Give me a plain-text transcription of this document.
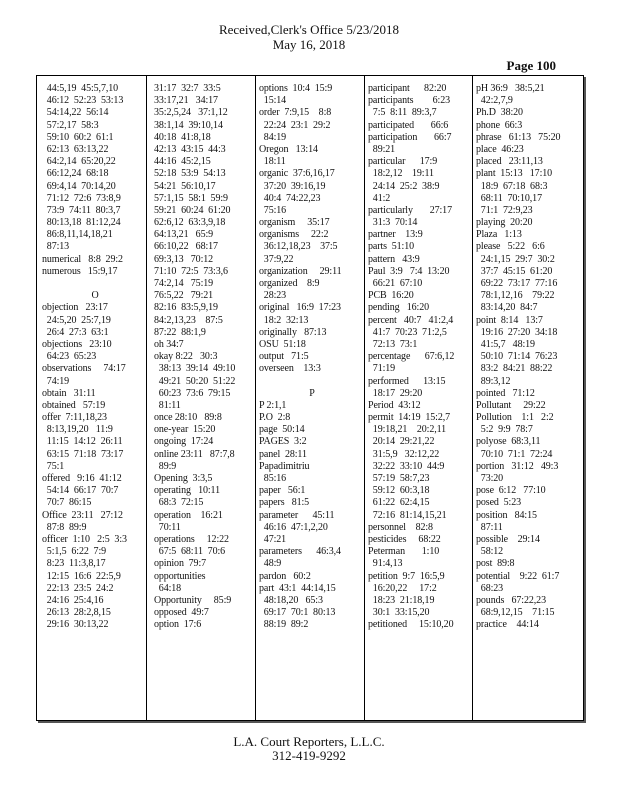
Received,Clerk's Office 5/23/2018
May 16, 2018
Page 100
44:5,19  45:5,7,10
46:12  52:23  53:13
54:14,22  56:14
57:2,17  58:3
59:10  60:2  61:1
62:13  63:13,22
64:2,14  65:20,22
66:12,24  68:18
69:4,14  70:14,20
71:12  72:6  73:8,9
73:9  74:11  80:3,7
80:13,18  81:12,24
86:8,11,14,18,21
87:13
numerical   8:8  29:2
numerous   15:9,17
O
objection   23:17
24:5,20  25:7,19
26:4  27:3  63:1
objections   23:10
64:23  65:23
observations     74:17
74:19
obtain   31:11
obtained   57:19
offer  7:11,18,23
8:13,19,20   11:9
11:15  14:12  26:11
63:15  71:18  73:17
75:1
offered   9:16  41:12
54:14  66:17  70:7
70:7  86:15
Office  23:11   27:12
87:8  89:9
officer  1:10   2:5  3:3
5:1,5  6:22  7:9
8:23  11:3,8,17
12:15  16:6  22:5,9
22:13  23:5  24:2
24:16  25:4,16
26:13  28:2,8,15
29:16  30:13,22
31:17  32:7  33:5
33:17,21   34:17
35:2,5,24   37:1,12
38:1,14  39:10,14
40:18  41:8,18
42:13  43:15  44:3
44:16  45:2,15
52:18  53:9  54:13
54:21  56:10,17
57:1,15  58:1  59:9
59:21  60:24  61:20
62:6,12  63:3,9,18
64:13,21   65:9
66:10,22   68:17
69:3,13   70:12
71:10  72:5  73:3,6
74:2,14   75:19
76:5,22   79:21
82:16  83:5,9,19
84:2,13,23    87:5
87:22  88:1,9
oh 34:7
okay 8:22   30:3
38:13  39:14  49:10
49:21  50:20  51:22
60:23  73:6  79:15
81:11
once 28:10   89:8
one-year  15:20
ongoing  17:24
online 23:11   87:7,8
89:9
Opening  3:3,5
operating   10:11
68:3  72:15
operation    16:21
70:11
operations     12:22
67:5  68:11  70:6
opinion  79:7
opportunities
64:18
Opportunity     85:9
opposed  49:7
option  17:6
options  10:4  15:9
15:14
order  7:9,15    8:8
22:24  23:1  29:2
84:19
Oregon   13:14
18:11
organic  37:6,16,17
37:20  39:16,19
40:4  74:22,23
75:16
organism     35:17
organisms     22:2
36:12,18,23    37:5
37:9,22
organization     29:11
organized    8:9
28:23
original   16:9  17:23
18:2  32:13
originally   87:13
OSU  51:18
output   71:5
overseen    13:3
P
P 2:1,1
P.O  2:8
page  50:14
PAGES  3:2
panel  28:11
Papadimitriu
85:16
paper   56:1
papers   81:5
parameter      45:11
46:16  47:1,2,20
47:21
parameters      46:3,4
48:9
pardon   60:2
part  43:1  44:14,15
48:18,20   65:3
69:17  70:1  80:13
88:19  89:2
participant      82:20
participants        6:23
7:5  8:11  89:3,7
participated       66:6
participation       66:7
89:21
particular      17:9
18:2,12    19:11
24:14  25:2  38:9
41:2
particularly       27:17
31:3  70:14
partner    13:9
parts  51:10
pattern   43:9
Paul  3:9   7:4  13:20
66:21  67:10
PCB  16:20
pending   16:20
percent   40:7   41:2,4
41:7  70:23  71:2,5
72:13  73:1
percentage      67:6,12
71:19
performed      13:15
18:17  29:20
Period  43:12
permit  14:19  15:2,7
19:18,21    20:2,11
20:14  29:21,22
31:5,9   32:12,22
32:22  33:10  44:9
57:19  58:7,23
59:12  60:3,18
61:22  62:4,15
72:16  81:14,15,21
personnel    82:8
pesticides     68:22
Peterman       1:10
91:4,13
petition  9:7  16:5,9
16:20,22     17:2
18:23  21:18,19
30:1  33:15,20
petitioned     15:10,20
pH 36:9   38:5,21
42:2,7,9
Ph.D  38:20
phone  66:3
phrase   61:13   75:20
place  46:23
placed   23:11,13
plant  15:13   17:10
18:9  67:18  68:3
68:11  70:10,17
71:1  72:9,23
playing  20:20
Plaza   1:13
please   5:22   6:6
24:1,15  29:7  30:2
37:7  45:15  61:20
69:22  73:17  77:16
78:1,12,16    79:22
83:14,20  84:7
point  8:14   13:7
19:16  27:20  34:18
41:5,7   48:19
50:10  71:14  76:23
83:2  84:21  88:22
89:3,12
pointed   71:12
Pollutant     29:22
Pollution    1:1   2:2
5:2  9:9  78:7
polyose  68:3,11
70:10  71:1  72:24
portion   31:12   49:3
73:20
pose  6:12   77:10
posed  5:23
position   84:15
87:11
possible    29:14
58:12
post  89:8
potential    9:22  61:7
68:23
pounds   67:22,23
68:9,12,15    71:15
practice    44:14
L.A. Court Reporters, L.L.C.
312-419-9292
